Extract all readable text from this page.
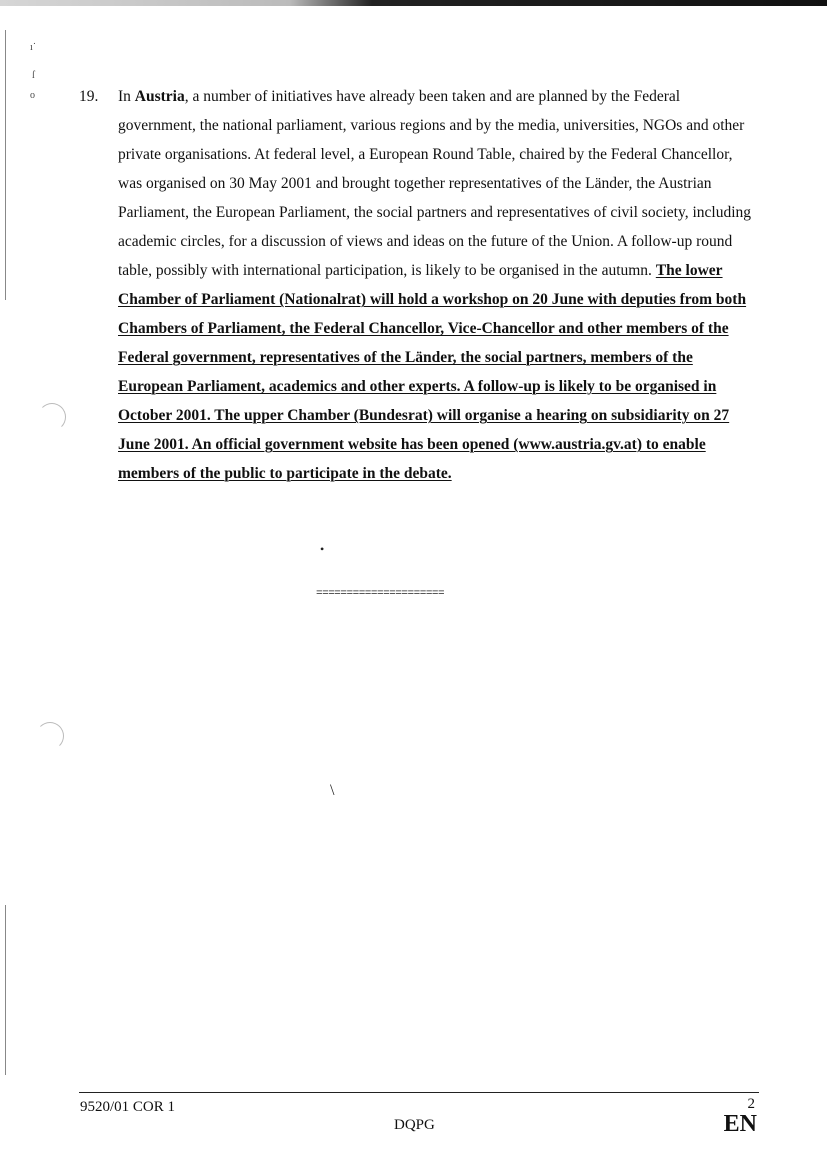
ı˙
ſ
o	19. In Austria, a number of initiatives have already been taken and are planned by the Federal government, the national parliament, various regions and by the media, universities, NGOs and other private organisations. At federal level, a European Round Table, chaired by the Federal Chancellor, was organised on 30 May 2001 and brought together representatives of the Länder, the Austrian Parliament, the European Parliament, the social partners and representatives of civil society, including academic circles, for a discussion of views and ideas on the future of the Union. A follow-up round table, possibly with international participation, is likely to be organised in the autumn. The lower Chamber of Parliament (Nationalrat) will hold a workshop on 20 June with deputies from both Chambers of Parliament, the Federal Chancellor, Vice-Chancellor and other members of the Federal government, representatives of the Länder, the social partners, members of the European Parliament, academics and other experts. A follow-up is likely to be organised in October 2001. The upper Chamber (Bundesrat) will organise a hearing on subsidiarity on 27 June 2001. An official government website has been opened (www.austria.gv.at) to enable members of the public to participate in the debate.
•
=====================
\
9520/01 COR 1
DQPG
2
EN
